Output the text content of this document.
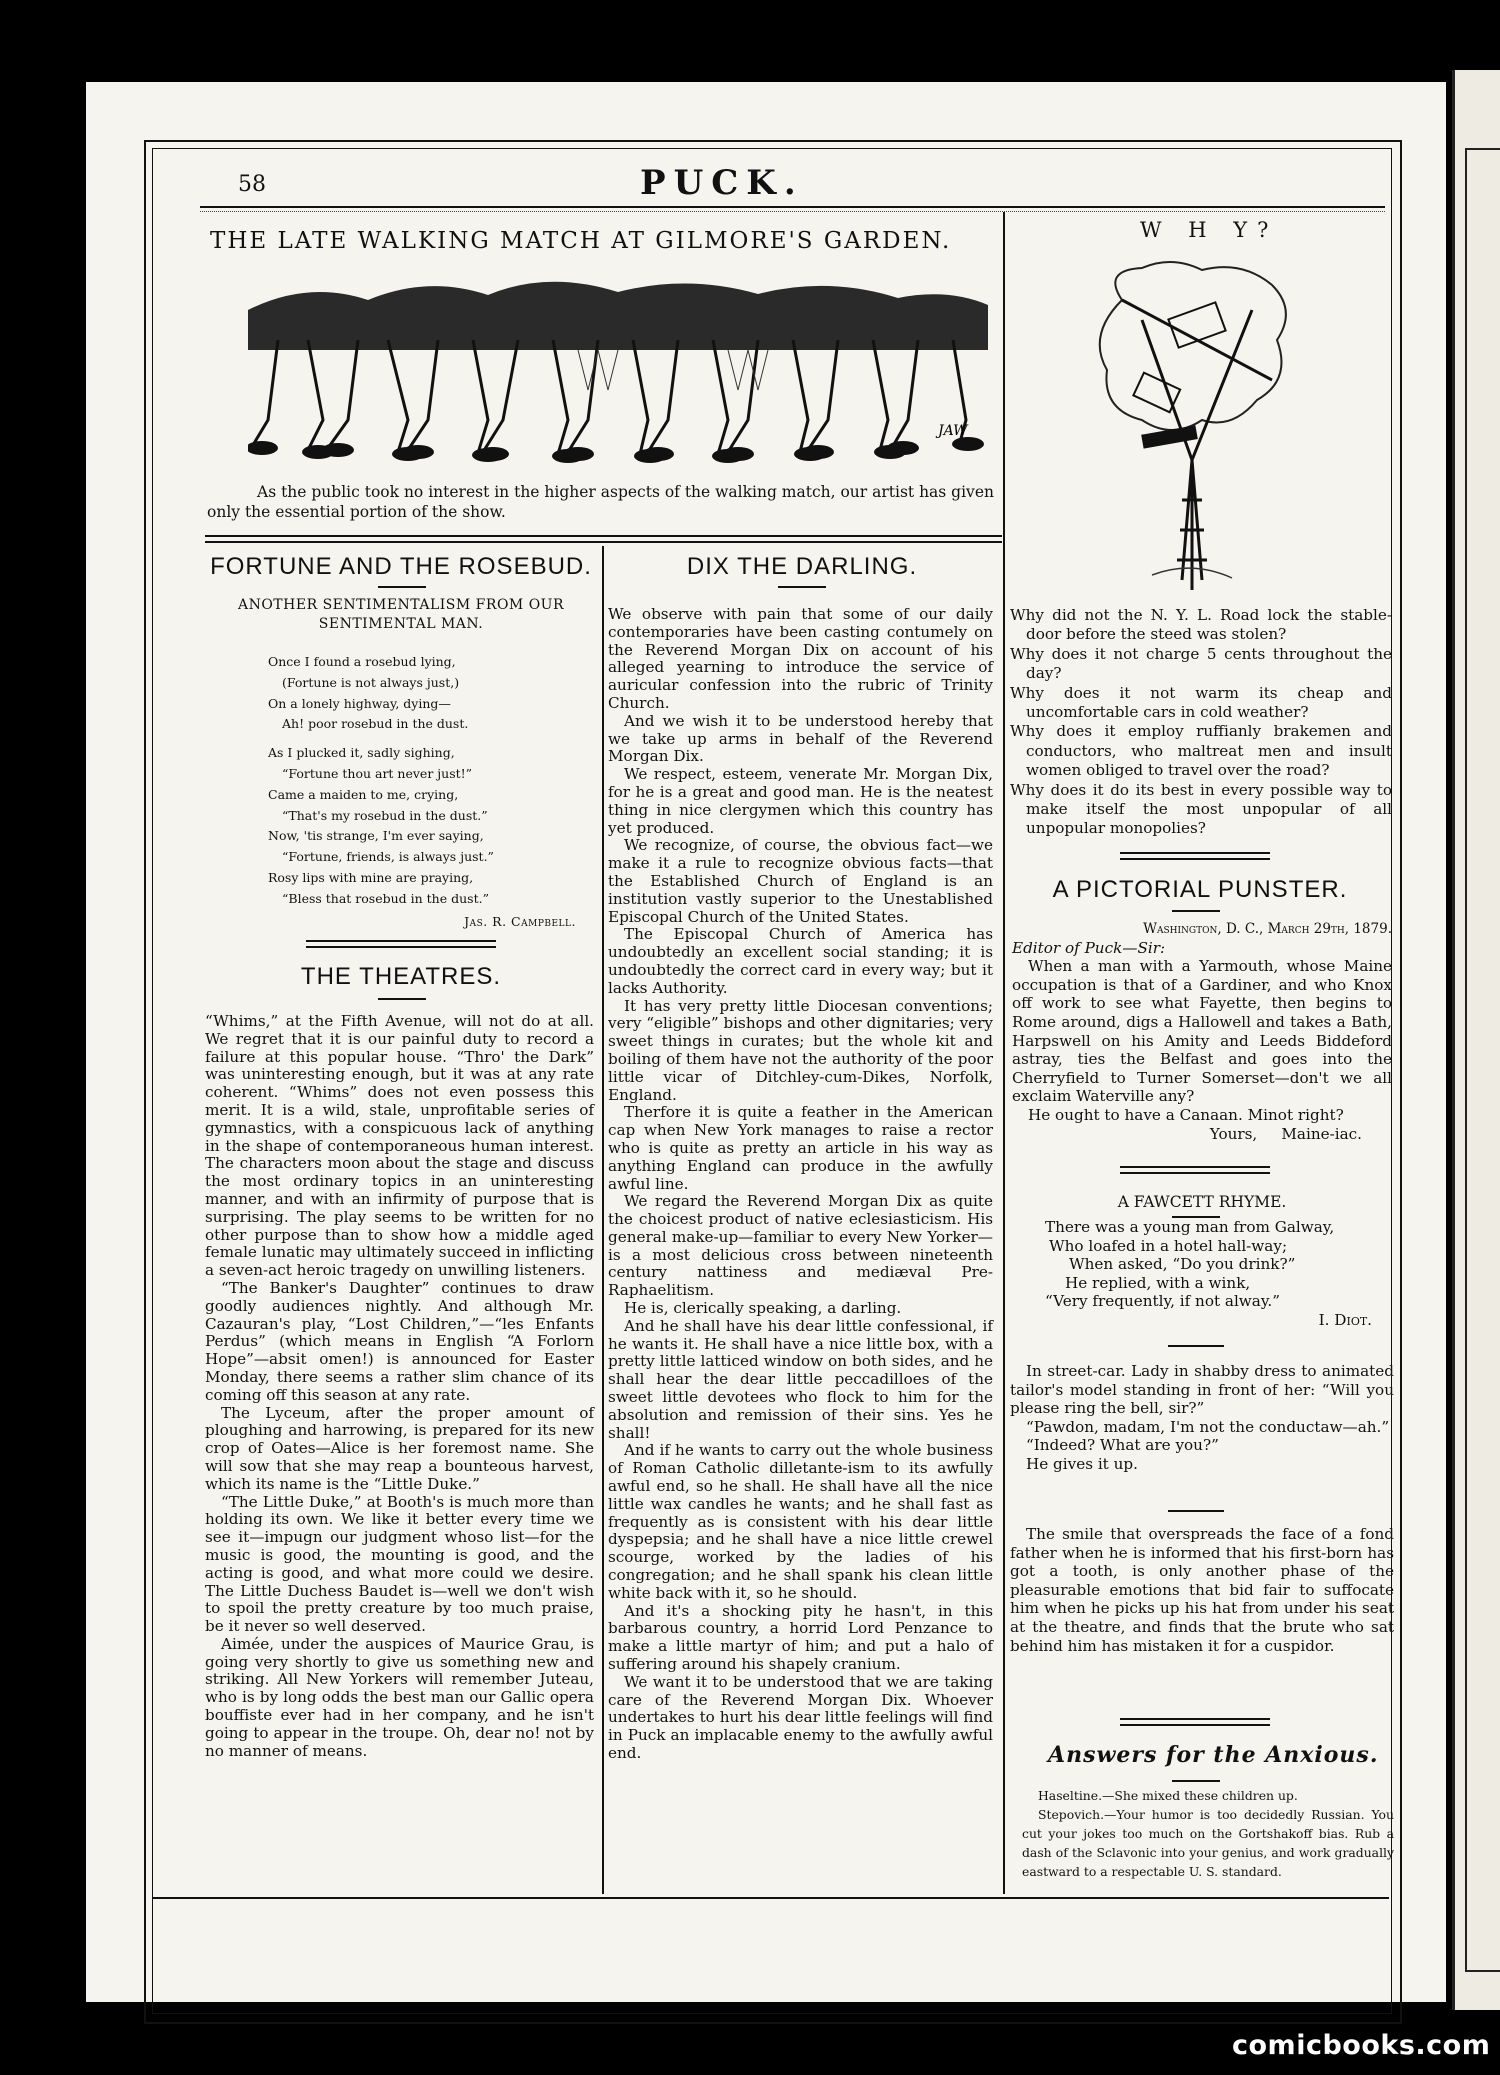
58	PUCK.
THE LATE WALKING MATCH AT GILMORE'S GARDEN.
JAW
As the public took no interest in the higher aspects of the walking match, our artist has given only the essential portion of the show.
FORTUNE AND THE ROSEBUD.
ANOTHER SENTIMENTALISM FROM OUR
SENTIMENTAL MAN.
Once I found a rosebud lying,
(Fortune is not always just,)
On a lonely highway, dying—
Ah! poor rosebud in the dust.
As I plucked it, sadly sighing,
“Fortune thou art never just!”
Came a maiden to me, crying,
“That's my rosebud in the dust.”
Now, 'tis strange, I'm ever saying,
“Fortune, friends, is always just.”
Rosy lips with mine are praying,
“Bless that rosebud in the dust.”
Jas. R. Campbell.
THE THEATRES.

“Whims,” at the Fifth Avenue, will not do at all. We regret that it is our painful duty to record a failure at this popular house. “Thro' the Dark” was uninteresting enough, but it was at any rate coherent. “Whims” does not even possess this merit. It is a wild, stale, unprofitable series of gymnastics, with a conspicuous lack of anything in the shape of contemporaneous human interest. The characters moon about the stage and discuss the most ordinary topics in an uninteresting manner, and with an infirmity of purpose that is surprising. The play seems to be written for no other purpose than to show how a middle aged female lunatic may ultimately succeed in inflicting a seven-act heroic tragedy on unwilling listeners.

“The Banker's Daughter” continues to draw goodly audiences nightly. And although Mr. Cazauran's play, “Lost Children,”—“les Enfants Perdus” (which means in English “A Forlorn Hope”—absit omen!) is announced for Easter Monday, there seems a rather slim chance of its coming off this season at any rate.

The Lyceum, after the proper amount of ploughing and harrowing, is prepared for its new crop of Oates—Alice is her foremost name. She will sow that she may reap a bounteous harvest, which its name is the “Little Duke.”

“The Little Duke,” at Booth's is much more than holding its own. We like it better every time we see it—impugn our judgment whoso list—for the music is good, the mounting is good, and the acting is good, and what more could we desire. The Little Duchess Baudet is—well we don't wish to spoil the pretty creature by too much praise, be it never so well deserved.

Aimée, under the auspices of Maurice Grau, is going very shortly to give us something new and striking. All New Yorkers will remember Juteau, who is by long odds the best man our Gallic opera bouffiste ever had in her company, and he isn't going to appear in the troupe. Oh, dear no! not by no manner of means.

DIX THE DARLING.

We observe with pain that some of our daily contemporaries have been casting contumely on the Reverend Morgan Dix on account of his alleged yearning to introduce the service of auricular confession into the rubric of Trinity Church.

And we wish it to be understood hereby that we take up arms in behalf of the Reverend Morgan Dix.

We respect, esteem, venerate Mr. Morgan Dix, for he is a great and good man. He is the neatest thing in nice clergymen which this country has yet produced.

We recognize, of course, the obvious fact—we make it a rule to recognize obvious facts—that the Established Church of England is an institution vastly superior to the Unestablished Episcopal Church of the United States.

The Episcopal Church of America has undoubtedly an excellent social standing; it is undoubtedly the correct card in every way; but it lacks Authority.

It has very pretty little Diocesan conventions; very “eligible” bishops and other dignitaries; very sweet things in curates; but the whole kit and boiling of them have not the authority of the poor little vicar of Ditchley-cum-Dikes, Norfolk, England.

Therfore it is quite a feather in the American cap when New York manages to raise a rector who is quite as pretty an article in his way as anything England can produce in the awfully awful line.

We regard the Reverend Morgan Dix as quite the choicest product of native eclesiasticism. His general make-up—familiar to every New Yorker—is a most delicious cross between nineteenth century nattiness and mediæval Pre-Raphaelitism.

He is, clerically speaking, a darling.

And he shall have his dear little confessional, if he wants it. He shall have a nice little box, with a pretty little latticed window on both sides, and he shall hear the dear little peccadilloes of the sweet little devotees who flock to him for the absolution and remission of their sins. Yes he shall!

And if he wants to carry out the whole business of Roman Catholic dilletante-ism to its awfully awful end, so he shall. He shall have all the nice little wax candles he wants; and he shall fast as frequently as is consistent with his dear little dyspepsia; and he shall have a nice little crewel scourge, worked by the ladies of his congregation; and he shall spank his clean little white back with it, so he should.

And it's a shocking pity he hasn't, in this barbarous country, a horrid Lord Penzance to make a little martyr of him; and put a halo of suffering around his shapely cranium.

We want it to be understood that we are taking care of the Reverend Morgan Dix. Whoever undertakes to hurt his dear little feelings will find in Puck an implacable enemy to the awfully awful end.

W H Y?

Why did not the N. Y. L. Road lock the stable-door before the steed was stolen?

Why does it not charge 5 cents throughout the day?

Why does it not warm its cheap and uncomfortable cars in cold weather?

Why does it employ ruffianly brakemen and conductors, who maltreat men and insult women obliged to travel over the road?

Why does it do its best in every possible way to make itself the most unpopular of all unpopular monopolies?

A PICTORIAL PUNSTER.

Washington, D. C., March 29th, 1879.

Editor of Puck—Sir:

When a man with a Yarmouth, whose Maine occupation is that of a Gardiner, and who Knox off work to see what Fayette, then begins to Rome around, digs a Hallowell and takes a Bath, Harpswell on his Amity and Leeds Biddeford astray, ties the Belfast and goes into the Cherryfield to Turner Somerset—don't we all exclaim Waterville any?

He ought to have a Canaan. Minot right?

Yours,     Maine-iac.

A FAWCETT RHYME.
There was a young man from Galway,
Who loafed in a hotel hall-way;
When asked, “Do you drink?”
He replied, with a wink,
“Very frequently, if not alway.”
I. Diot.

In street-car. Lady in shabby dress to animated tailor's model standing in front of her: “Will you please ring the bell, sir?”

“Pawdon, madam, I'm not the conductaw—ah.”

“Indeed? What are you?”

He gives it up.

The smile that overspreads the face of a fond father when he is informed that his first-born has got a tooth, is only another phase of the pleasurable emotions that bid fair to suffocate him when he picks up his hat from under his seat at the theatre, and finds that the brute who sat behind him has mistaken it for a cuspidor.

Answers for the Anxious.

Haseltine.—She mixed these children up.

Stepovich.—Your humor is too decidedly Russian. You cut your jokes too much on the Gortshakoff bias. Rub a dash of the Sclavonic into your genius, and work gradually eastward to a respectable U. S. standard.

comicbooks.com
